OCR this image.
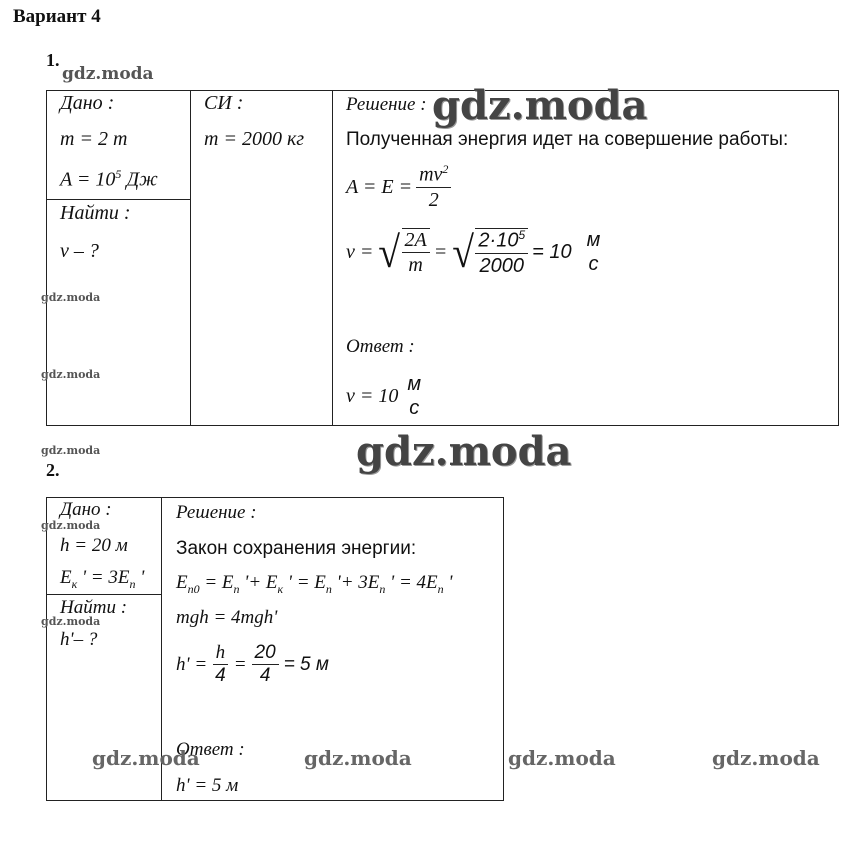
Вариант 4
1.
gdz.moda
Дано :
m = 2 т
$A = 10^5$ Дж
Найти :
v – ?
СИ :
m = 2000 кг
Решение : gdz.moda
Полученная энергия идет на совершение работы:
$A = E = \frac{mv^2}{2}$
v = √ $\frac{2A}{m}$ = √ $\frac{2\cdot 10^5}{2000} = 10$
м
с
gdz.moda
gdz.moda
Ответ :
v = 10
м
с
gdz.moda	gdz.moda
2.
Дано :
gdz.moda
h = 20 м
$E_к$ ' = $3E_п$ '
Найти :
gdz.moda
h'– ?
Решение :
Закон сохранения энергии:
$E_{п0} = E_п$ '+ $E_к$ ' = $E_п$ '+ $3E_п$ ' = $4E_п$ '
mgh = 4mgh'
$h' = \frac{h}{4} = \frac{20}{4} = 5$ м
Ответ :
h' = 5 м
gdz.moda	gdz.moda	gdz.moda	gdz.moda
